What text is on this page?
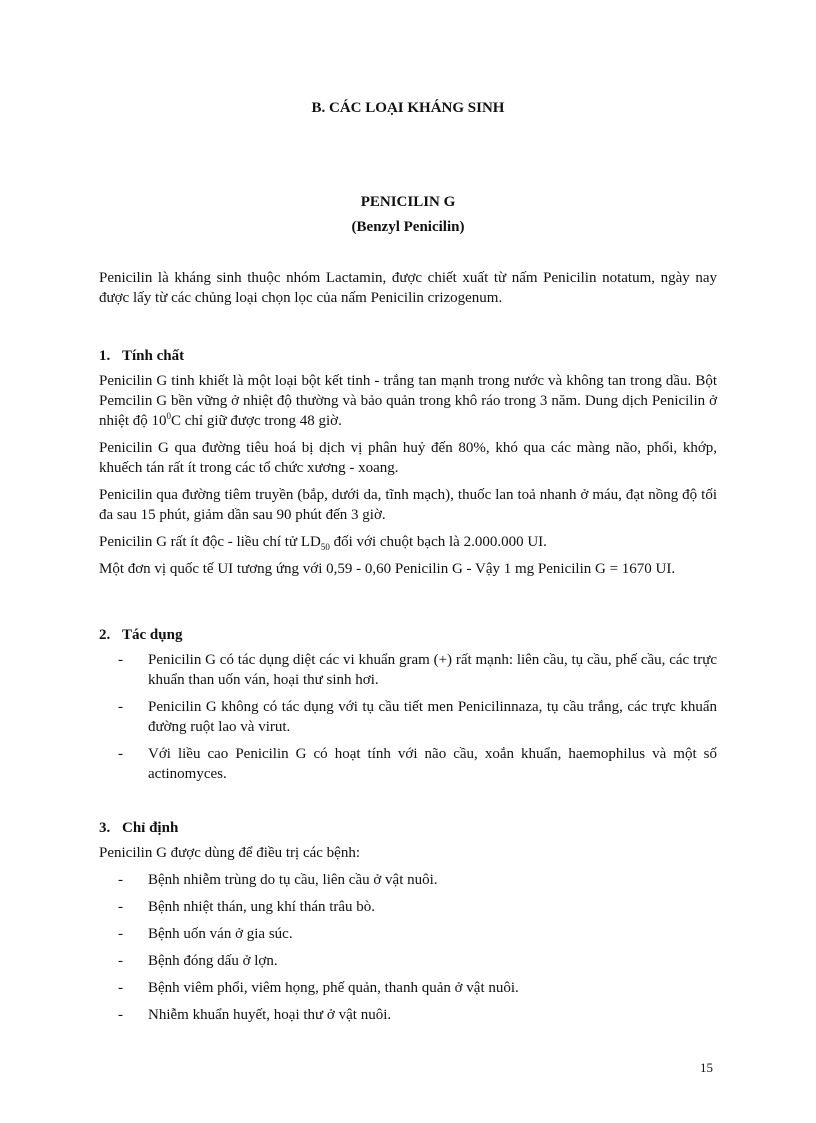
B. CÁC LOẠI KHÁNG SINH
PENICILIN G
(Benzyl Penicilin)

Penicilin là kháng sinh thuộc nhóm Lactamin, được chiết xuất từ nấm Penicilin notatum, ngày nay được lấy từ các chủng loại chọn lọc của nấm Penicilin crizogenum.

1. Tính chất

Penicilin G tinh khiết là một loại bột kết tinh - trắng tan mạnh trong nước và không tan trong dầu. Bột Pemcilin G bền vững ở nhiệt độ thường và bảo quản trong khô ráo trong 3 năm. Dung dịch Penicilin ở nhiệt độ $10^0C$ chỉ giữ được trong 48 giờ.

Penicilin G qua đường tiêu hoá bị dịch vị phân huỷ đến 80%, khó qua các màng não, phổi, khớp, khuếch tán rất ít trong các tổ chức xương - xoang.

Penicilin qua đường tiêm truyền (bắp, dưới da, tĩnh mạch), thuốc lan toả nhanh ở máu, đạt nồng độ tối đa sau 15 phút, giảm dần sau 90 phút đến 3 giờ.

Penicilin G rất ít độc - liều chí tử $LD_{50}$ đối với chuột bạch là 2.000.000 UI.

Một đơn vị quốc tế UI tương ứng với 0,59 - 0,60 Penicilin G - Vậy 1 mg Penicilin G = 1670 UI.

2. Tác dụng
- Penicilin G có tác dụng diệt các vi khuẩn gram (+) rất mạnh: liên cầu, tụ cầu, phế cầu, các trực khuẩn than uốn ván, hoại thư sinh hơi.
- Penicilin G không có tác dụng với tụ cầu tiết men Penicilinnaza, tụ cầu trắng, các trực khuẩn đường ruột lao và virut.
- Với liều cao Penicilin G có hoạt tính với não cầu, xoắn khuẩn, haemophilus và một số actinomyces.
3. Chỉ định

Penicilin G được dùng để điều trị các bệnh:

- Bệnh nhiễm trùng do tụ cầu, liên cầu ở vật nuôi.
- Bệnh nhiệt thán, ung khí thán trâu bò.
- Bệnh uốn ván ở gia súc.
- Bệnh đóng dấu ở lợn.
- Bệnh viêm phổi, viêm họng, phế quản, thanh quản ở vật nuôi.
- Nhiễm khuẩn huyết, hoại thư ở vật nuôi.
15
